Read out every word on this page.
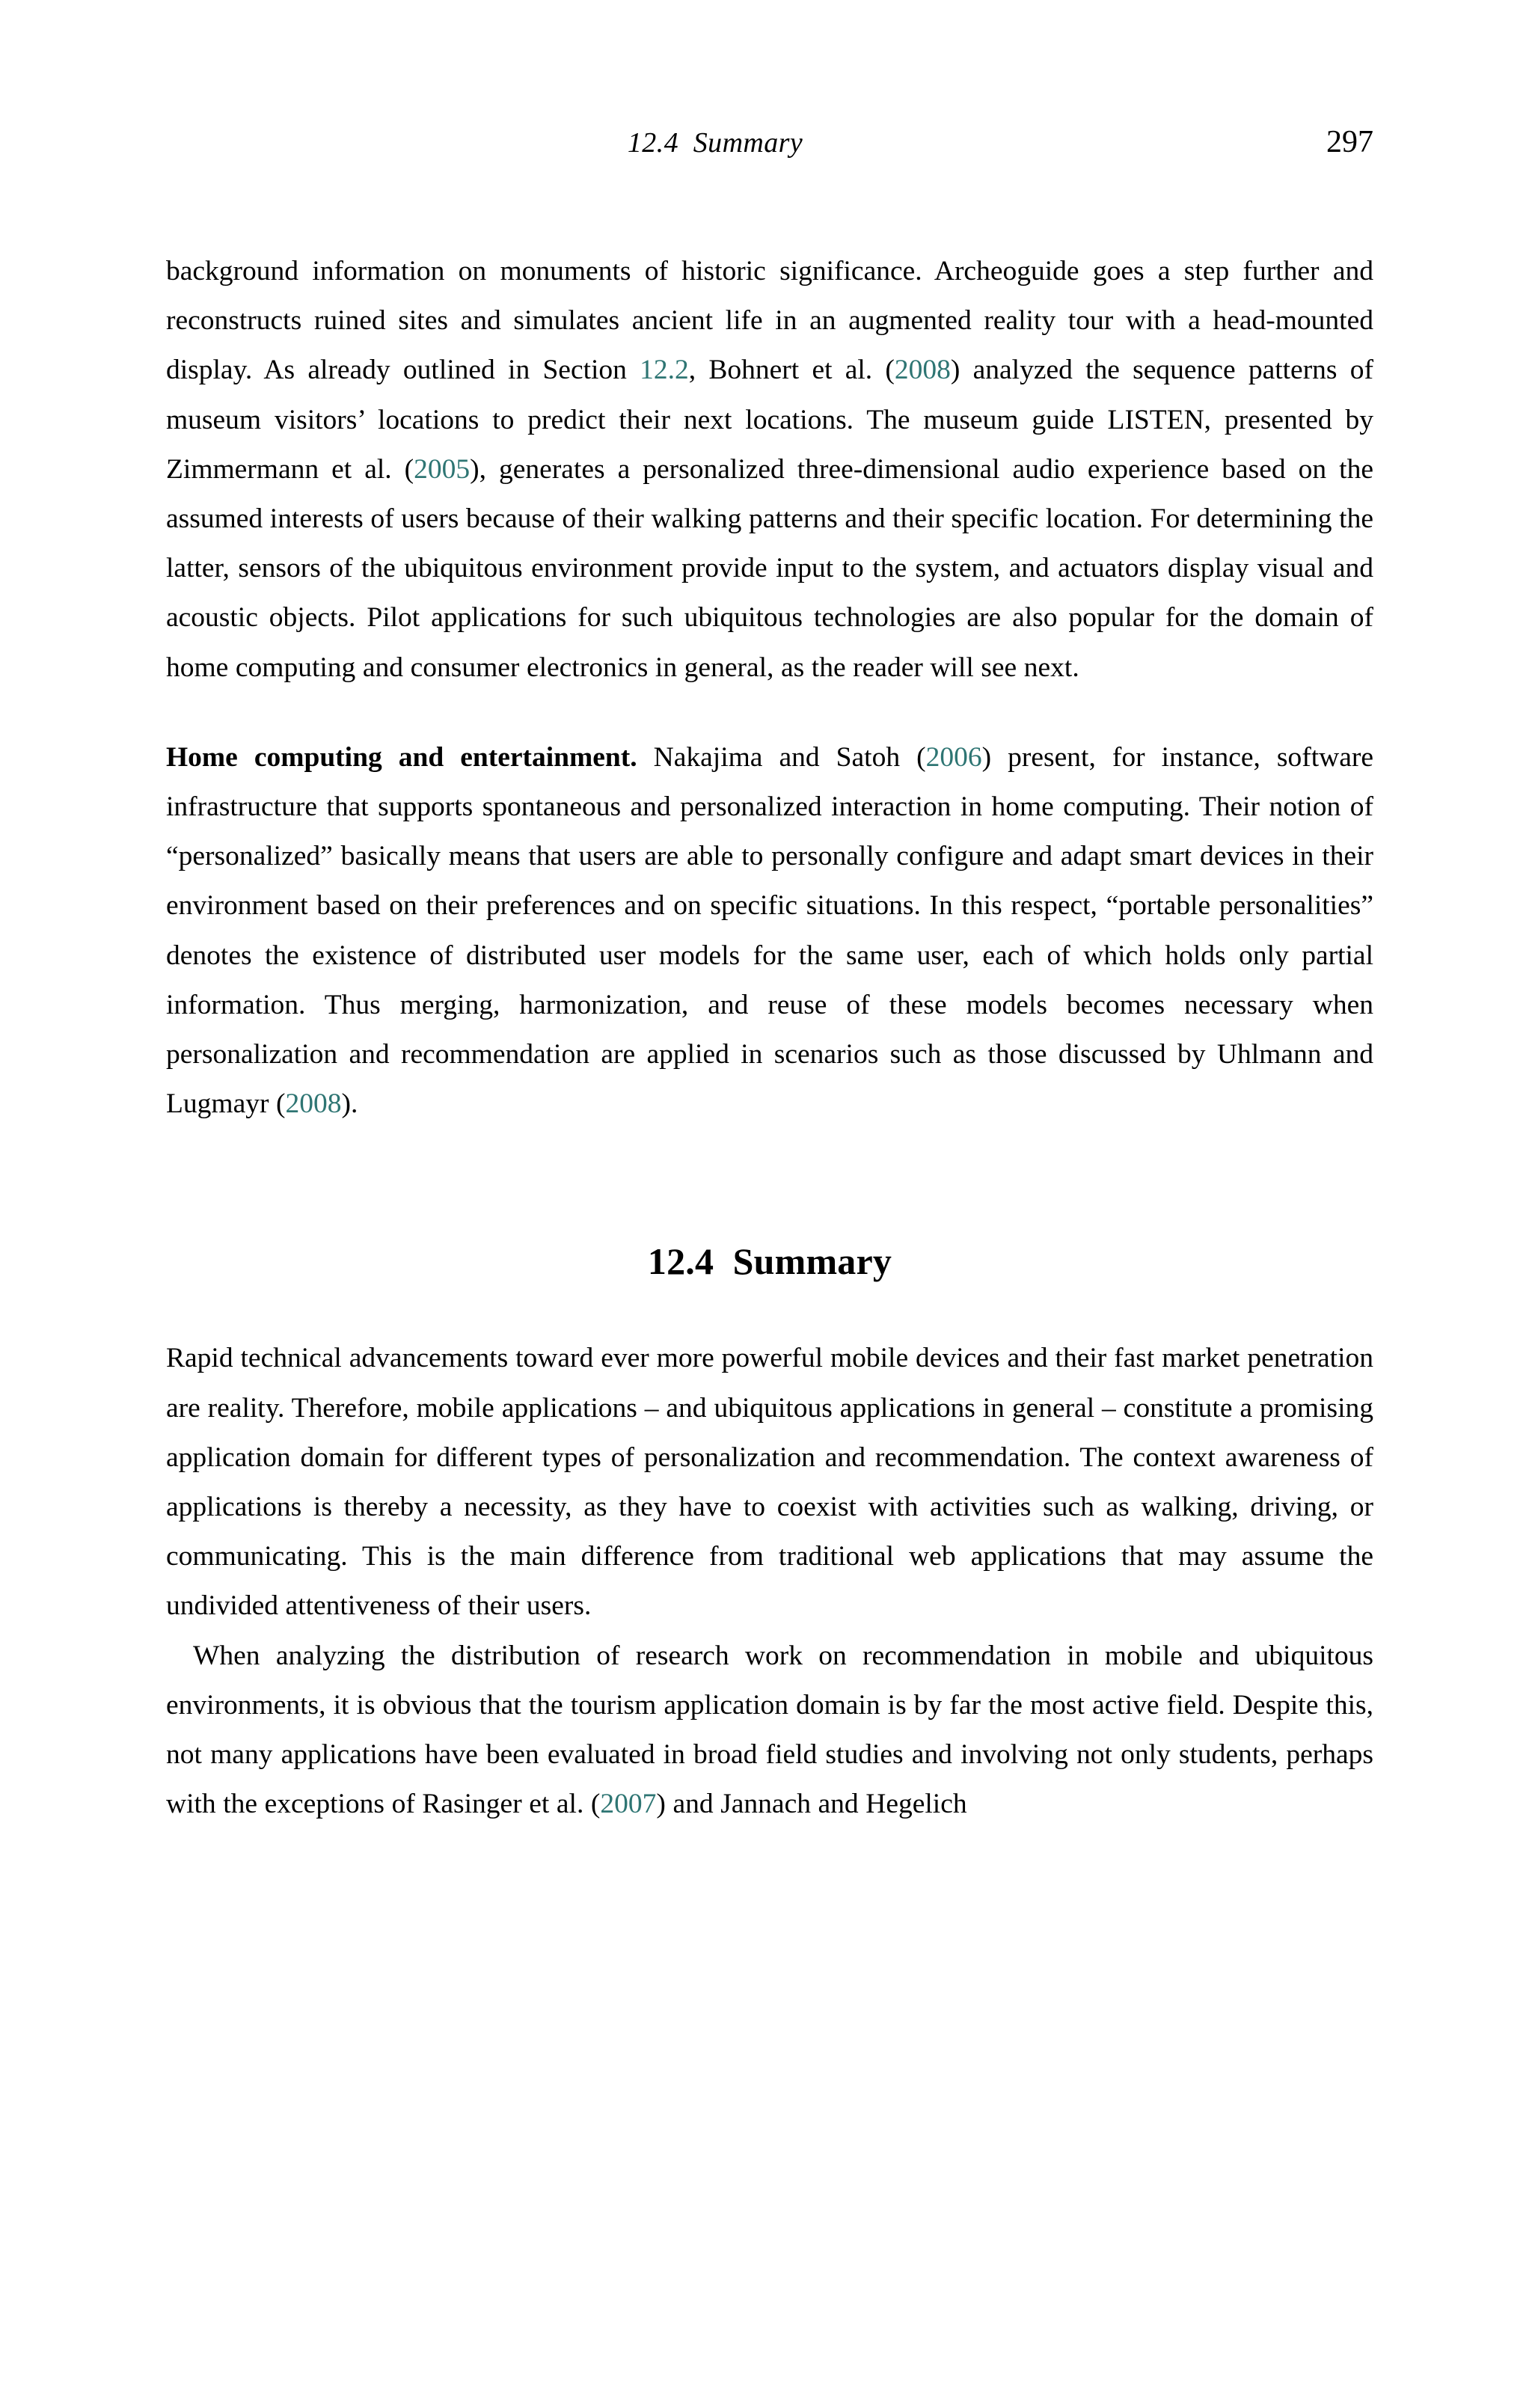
12.4  Summary	297

background information on monuments of historic significance. Archeoguide goes a step further and reconstructs ruined sites and simulates ancient life in an augmented reality tour with a head-mounted display. As already outlined in Section 12.2, Bohnert et al. (2008) analyzed the sequence patterns of museum visitors’ locations to predict their next locations. The museum guide LISTEN, presented by Zimmermann et al. (2005), generates a personalized three-dimensional audio experience based on the assumed interests of users because of their walking patterns and their specific location. For determining the latter, sensors of the ubiquitous environment provide input to the system, and actuators display visual and acoustic objects. Pilot applications for such ubiquitous technologies are also popular for the domain of home computing and consumer electronics in general, as the reader will see next.

Home computing and entertainment. Nakajima and Satoh (2006) present, for instance, software infrastructure that supports spontaneous and personalized interaction in home computing. Their notion of “personalized” basically means that users are able to personally configure and adapt smart devices in their environment based on their preferences and on specific situations. In this respect, “portable personalities” denotes the existence of distributed user models for the same user, each of which holds only partial information. Thus merging, harmonization, and reuse of these models becomes necessary when personalization and recommendation are applied in scenarios such as those discussed by Uhlmann and Lugmayr (2008).

12.4  Summary

Rapid technical advancements toward ever more powerful mobile devices and their fast market penetration are reality. Therefore, mobile applications – and ubiquitous applications in general – constitute a promising application domain for different types of personalization and recommendation. The context awareness of applications is thereby a necessity, as they have to coexist with activities such as walking, driving, or communicating. This is the main difference from traditional web applications that may assume the undivided attentiveness of their users.

When analyzing the distribution of research work on recommendation in mobile and ubiquitous environments, it is obvious that the tourism application domain is by far the most active field. Despite this, not many applications have been evaluated in broad field studies and involving not only students, perhaps with the exceptions of Rasinger et al. (2007) and Jannach and Hegelich
